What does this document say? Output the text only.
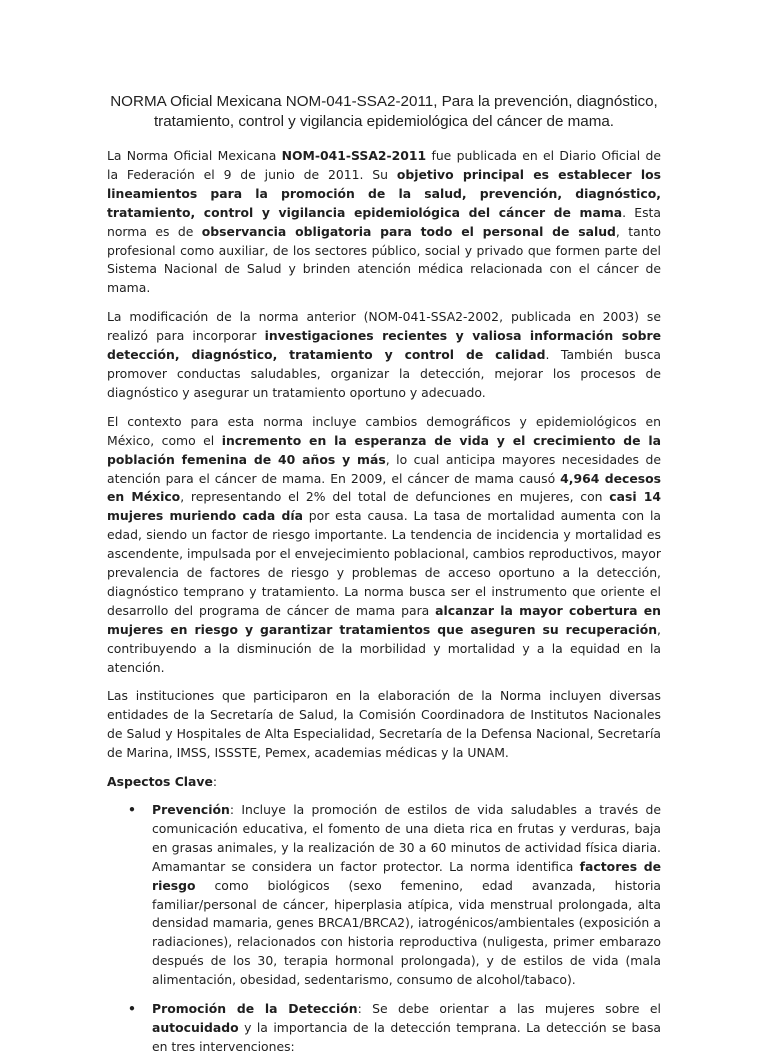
NORMA Oficial Mexicana NOM-041-SSA2-2011, Para la prevención, diagnóstico, tratamiento, control y vigilancia epidemiológica del cáncer de mama.

La Norma Oficial Mexicana NOM-041-SSA2-2011 fue publicada en el Diario Oficial de la Federación el 9 de junio de 2011. Su objetivo principal es establecer los lineamientos para la promoción de la salud, prevención, diagnóstico, tratamiento, control y vigilancia epidemiológica del cáncer de mama. Esta norma es de observancia obligatoria para todo el personal de salud, tanto profesional como auxiliar, de los sectores público, social y privado que formen parte del Sistema Nacional de Salud y brinden atención médica relacionada con el cáncer de mama.

La modificación de la norma anterior (NOM-041-SSA2-2002, publicada en 2003) se realizó para incorporar investigaciones recientes y valiosa información sobre detección, diagnóstico, tratamiento y control de calidad. También busca promover conductas saludables, organizar la detección, mejorar los procesos de diagnóstico y asegurar un tratamiento oportuno y adecuado.

El contexto para esta norma incluye cambios demográficos y epidemiológicos en México, como el incremento en la esperanza de vida y el crecimiento de la población femenina de 40 años y más, lo cual anticipa mayores necesidades de atención para el cáncer de mama. En 2009, el cáncer de mama causó 4,964 decesos en México, representando el 2% del total de defunciones en mujeres, con casi 14 mujeres muriendo cada día por esta causa. La tasa de mortalidad aumenta con la edad, siendo un factor de riesgo importante. La tendencia de incidencia y mortalidad es ascendente, impulsada por el envejecimiento poblacional, cambios reproductivos, mayor prevalencia de factores de riesgo y problemas de acceso oportuno a la detección, diagnóstico temprano y tratamiento. La norma busca ser el instrumento que oriente el desarrollo del programa de cáncer de mama para alcanzar la mayor cobertura en mujeres en riesgo y garantizar tratamientos que aseguren su recuperación, contribuyendo a la disminución de la morbilidad y mortalidad y a la equidad en la atención.

Las instituciones que participaron en la elaboración de la Norma incluyen diversas entidades de la Secretaría de Salud, la Comisión Coordinadora de Institutos Nacionales de Salud y Hospitales de Alta Especialidad, Secretaría de la Defensa Nacional, Secretaría de Marina, IMSS, ISSSTE, Pemex, academias médicas y la UNAM.

Aspectos Clave:

• Prevención: Incluye la promoción de estilos de vida saludables a través de comunicación educativa, el fomento de una dieta rica en frutas y verduras, baja en grasas animales, y la realización de 30 a 60 minutos de actividad física diaria. Amamantar se considera un factor protector. La norma identifica factores de riesgo como biológicos (sexo femenino, edad avanzada, historia familiar/personal de cáncer, hiperplasia atípica, vida menstrual prolongada, alta densidad mamaria, genes BRCA1/BRCA2), iatrogénicos/ambientales (exposición a radiaciones), relacionados con historia reproductiva (nuligesta, primer embarazo después de los 30, terapia hormonal prolongada), y de estilos de vida (mala alimentación, obesidad, sedentarismo, consumo de alcohol/tabaco).
• Promoción de la Detección: Se debe orientar a las mujeres sobre el autocuidado y la importancia de la detección temprana. La detección se basa en tres intervenciones:
